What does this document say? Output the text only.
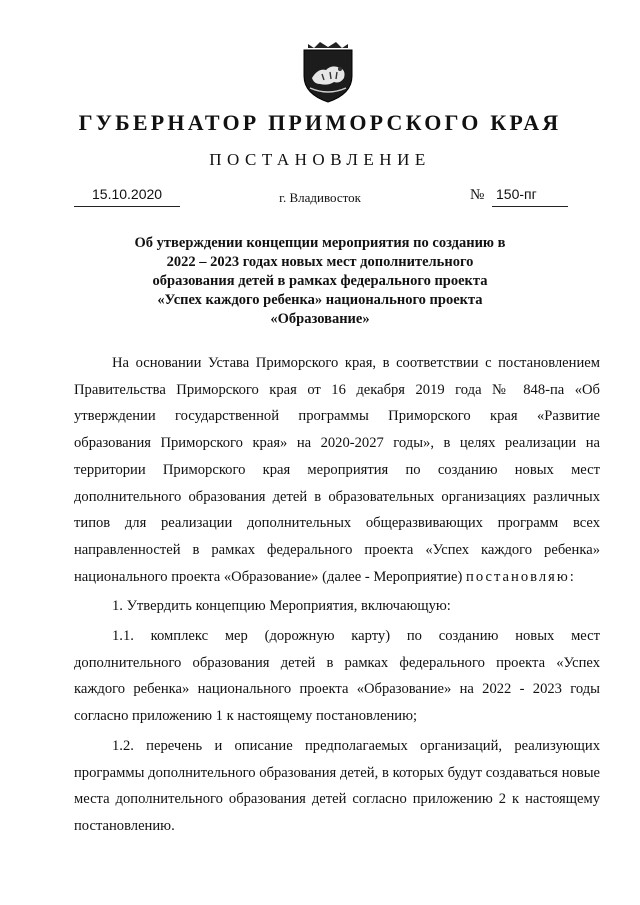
ГУБЕРНАТОР ПРИМОРСКОГО КРАЯ
ПОСТАНОВЛЕНИЕ
15.10.2020	г. Владивосток	№ 150-пг
Об утверждении концепции мероприятия по созданию в
2022 – 2023 годах новых мест дополнительного
образования детей в рамках федерального проекта
«Успех каждого ребенка» национального проекта
«Образование»

На основании Устава Приморского края, в соответствии с постановлением Правительства Приморского края от 16 декабря 2019 года № 848-па «Об утверждении государственной программы Приморского края «Развитие образования Приморского края» на 2020-2027 годы», в целях реализации на территории Приморского края мероприятия по созданию новых мест дополнительного образования детей в образовательных организациях различных типов для реализации дополнительных общеразвивающих программ всех направленностей в рамках федерального проекта «Успех каждого ребенка» национального проекта «Образование» (далее - Мероприятие) постановляю:

1. Утвердить концепцию Мероприятия, включающую:

1.1. комплекс мер (дорожную карту) по созданию новых мест дополнительного образования детей в рамках федерального проекта «Успех каждого ребенка» национального проекта «Образование» на 2022 - 2023 годы согласно приложению 1 к настоящему постановлению;

1.2. перечень и описание предполагаемых организаций, реализующих программы дополнительного образования детей, в которых будут создаваться новые места дополнительного образования детей согласно приложению 2 к настоящему постановлению.
